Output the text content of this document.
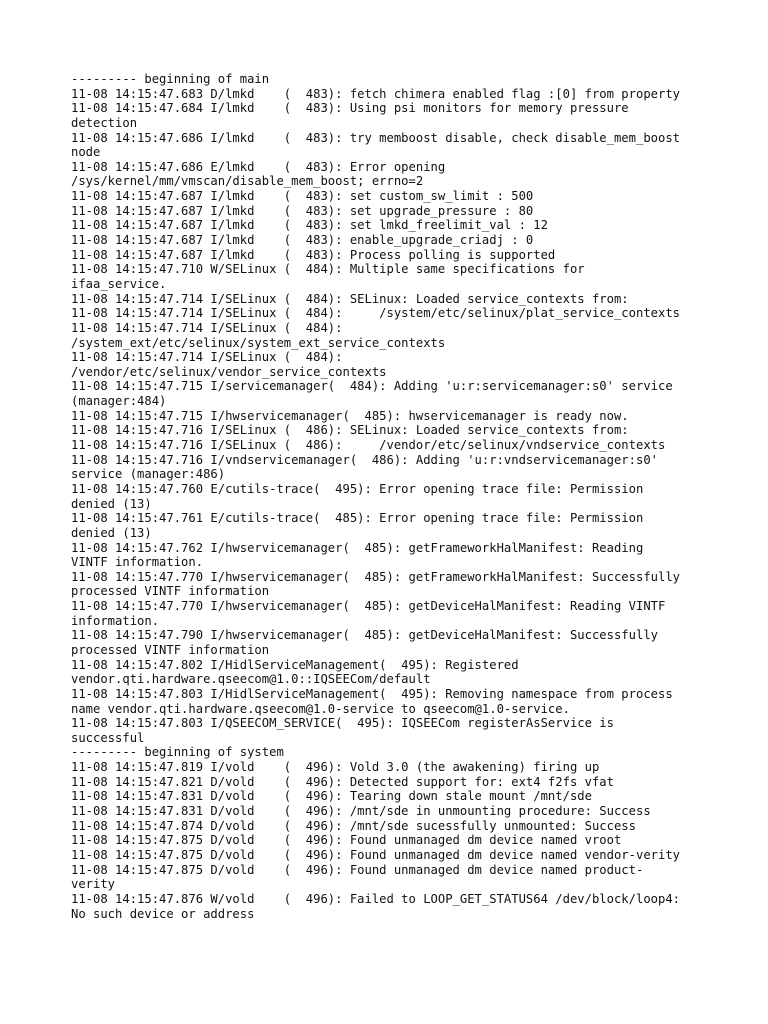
--------- beginning of main
11-08 14:15:47.683 D/lmkd    (  483): fetch chimera enabled flag :[0] from property
11-08 14:15:47.684 I/lmkd    (  483): Using psi monitors for memory pressure
detection
11-08 14:15:47.686 I/lmkd    (  483): try memboost disable, check disable_mem_boost
node
11-08 14:15:47.686 E/lmkd    (  483): Error opening
/sys/kernel/mm/vmscan/disable_mem_boost; errno=2
11-08 14:15:47.687 I/lmkd    (  483): set custom_sw_limit : 500
11-08 14:15:47.687 I/lmkd    (  483): set upgrade_pressure : 80
11-08 14:15:47.687 I/lmkd    (  483): set lmkd_freelimit_val : 12
11-08 14:15:47.687 I/lmkd    (  483): enable_upgrade_criadj : 0
11-08 14:15:47.687 I/lmkd    (  483): Process polling is supported
11-08 14:15:47.710 W/SELinux (  484): Multiple same specifications for
ifaa_service.
11-08 14:15:47.714 I/SELinux (  484): SELinux: Loaded service_contexts from:
11-08 14:15:47.714 I/SELinux (  484):     /system/etc/selinux/plat_service_contexts
11-08 14:15:47.714 I/SELinux (  484):
/system_ext/etc/selinux/system_ext_service_contexts
11-08 14:15:47.714 I/SELinux (  484):
/vendor/etc/selinux/vendor_service_contexts
11-08 14:15:47.715 I/servicemanager(  484): Adding 'u:r:servicemanager:s0' service
(manager:484)
11-08 14:15:47.715 I/hwservicemanager(  485): hwservicemanager is ready now.
11-08 14:15:47.716 I/SELinux (  486): SELinux: Loaded service_contexts from:
11-08 14:15:47.716 I/SELinux (  486):     /vendor/etc/selinux/vndservice_contexts
11-08 14:15:47.716 I/vndservicemanager(  486): Adding 'u:r:vndservicemanager:s0'
service (manager:486)
11-08 14:15:47.760 E/cutils-trace(  495): Error opening trace file: Permission
denied (13)
11-08 14:15:47.761 E/cutils-trace(  485): Error opening trace file: Permission
denied (13)
11-08 14:15:47.762 I/hwservicemanager(  485): getFrameworkHalManifest: Reading
VINTF information.
11-08 14:15:47.770 I/hwservicemanager(  485): getFrameworkHalManifest: Successfully
processed VINTF information
11-08 14:15:47.770 I/hwservicemanager(  485): getDeviceHalManifest: Reading VINTF
information.
11-08 14:15:47.790 I/hwservicemanager(  485): getDeviceHalManifest: Successfully
processed VINTF information
11-08 14:15:47.802 I/HidlServiceManagement(  495): Registered
vendor.qti.hardware.qseecom@1.0::IQSEECom/default
11-08 14:15:47.803 I/HidlServiceManagement(  495): Removing namespace from process
name vendor.qti.hardware.qseecom@1.0-service to qseecom@1.0-service.
11-08 14:15:47.803 I/QSEECOM_SERVICE(  495): IQSEECom registerAsService is
successful
--------- beginning of system
11-08 14:15:47.819 I/vold    (  496): Vold 3.0 (the awakening) firing up
11-08 14:15:47.821 D/vold    (  496): Detected support for: ext4 f2fs vfat
11-08 14:15:47.831 D/vold    (  496): Tearing down stale mount /mnt/sde
11-08 14:15:47.831 D/vold    (  496): /mnt/sde in unmounting procedure: Success
11-08 14:15:47.874 D/vold    (  496): /mnt/sde sucessfully unmounted: Success
11-08 14:15:47.875 D/vold    (  496): Found unmanaged dm device named vroot
11-08 14:15:47.875 D/vold    (  496): Found unmanaged dm device named vendor-verity
11-08 14:15:47.875 D/vold    (  496): Found unmanaged dm device named product-
verity
11-08 14:15:47.876 W/vold    (  496): Failed to LOOP_GET_STATUS64 /dev/block/loop4:
No such device or address
